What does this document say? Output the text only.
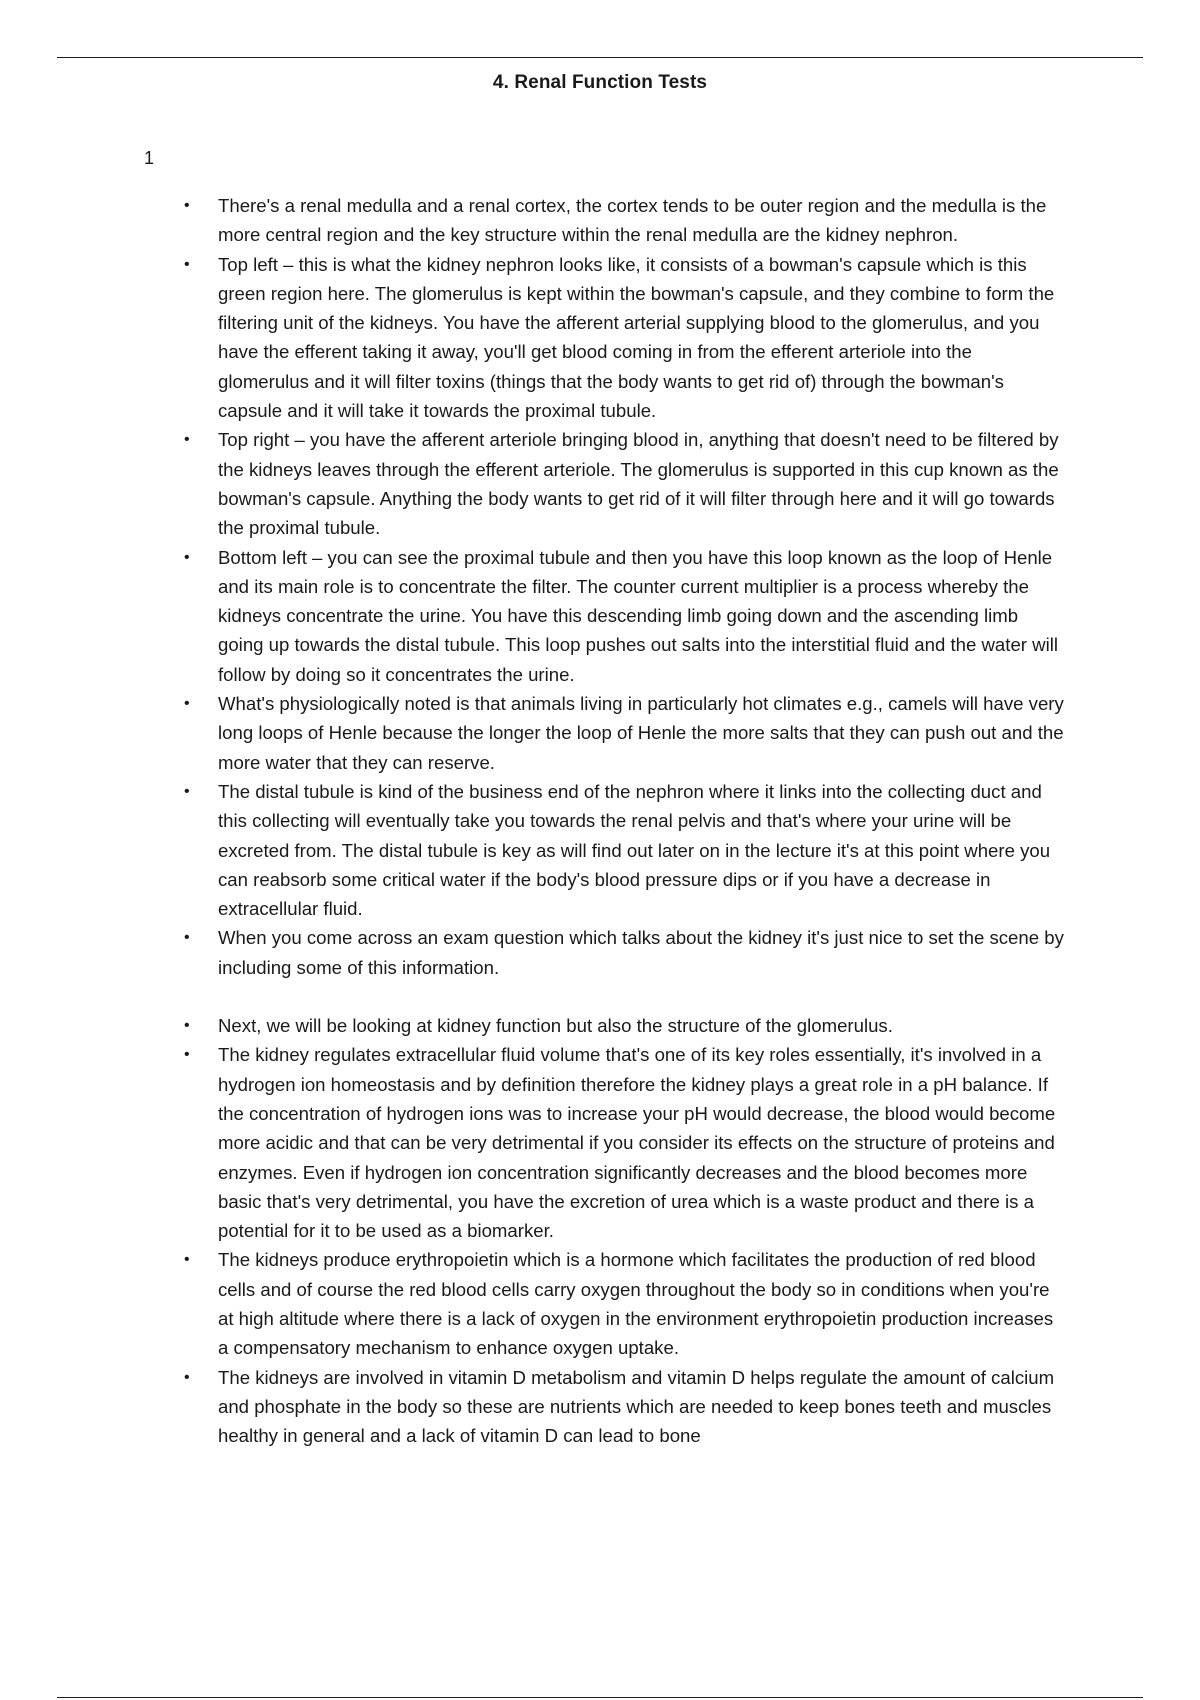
4. Renal Function Tests
1
• There's a renal medulla and a renal cortex, the cortex tends to be outer region and the medulla is the more central region and the key structure within the renal medulla are the kidney nephron.
• Top left – this is what the kidney nephron looks like, it consists of a bowman's capsule which is this green region here. The glomerulus is kept within the bowman's capsule, and they combine to form the filtering unit of the kidneys. You have the afferent arterial supplying blood to the glomerulus, and you have the efferent taking it away, you'll get blood coming in from the efferent arteriole into the glomerulus and it will filter toxins (things that the body wants to get rid of) through the bowman's capsule and it will take it towards the proximal tubule.
• Top right – you have the afferent arteriole bringing blood in, anything that doesn't need to be filtered by the kidneys leaves through the efferent arteriole. The glomerulus is supported in this cup known as the bowman's capsule. Anything the body wants to get rid of it will filter through here and it will go towards the proximal tubule.
• Bottom left – you can see the proximal tubule and then you have this loop known as the loop of Henle and its main role is to concentrate the filter. The counter current multiplier is a process whereby the kidneys concentrate the urine. You have this descending limb going down and the ascending limb going up towards the distal tubule. This loop pushes out salts into the interstitial fluid and the water will follow by doing so it concentrates the urine.
• What's physiologically noted is that animals living in particularly hot climates e.g., camels will have very long loops of Henle because the longer the loop of Henle the more salts that they can push out and the more water that they can reserve.
• The distal tubule is kind of the business end of the nephron where it links into the collecting duct and this collecting will eventually take you towards the renal pelvis and that's where your urine will be excreted from. The distal tubule is key as will find out later on in the lecture it's at this point where you can reabsorb some critical water if the body's blood pressure dips or if you have a decrease in extracellular fluid.
• When you come across an exam question which talks about the kidney it's just nice to set the scene by including some of this information.
• Next, we will be looking at kidney function but also the structure of the glomerulus.
• The kidney regulates extracellular fluid volume that's one of its key roles essentially, it's involved in a hydrogen ion homeostasis and by definition therefore the kidney plays a great role in a pH balance. If the concentration of hydrogen ions was to increase your pH would decrease, the blood would become more acidic and that can be very detrimental if you consider its effects on the structure of proteins and enzymes. Even if hydrogen ion concentration significantly decreases and the blood becomes more basic that's very detrimental, you have the excretion of urea which is a waste product and there is a potential for it to be used as a biomarker.
• The kidneys produce erythropoietin which is a hormone which facilitates the production of red blood cells and of course the red blood cells carry oxygen throughout the body so in conditions when you're at high altitude where there is a lack of oxygen in the environment erythropoietin production increases a compensatory mechanism to enhance oxygen uptake.
• The kidneys are involved in vitamin D metabolism and vitamin D helps regulate the amount of calcium and phosphate in the body so these are nutrients which are needed to keep bones teeth and muscles healthy in general and a lack of vitamin D can lead to bone
